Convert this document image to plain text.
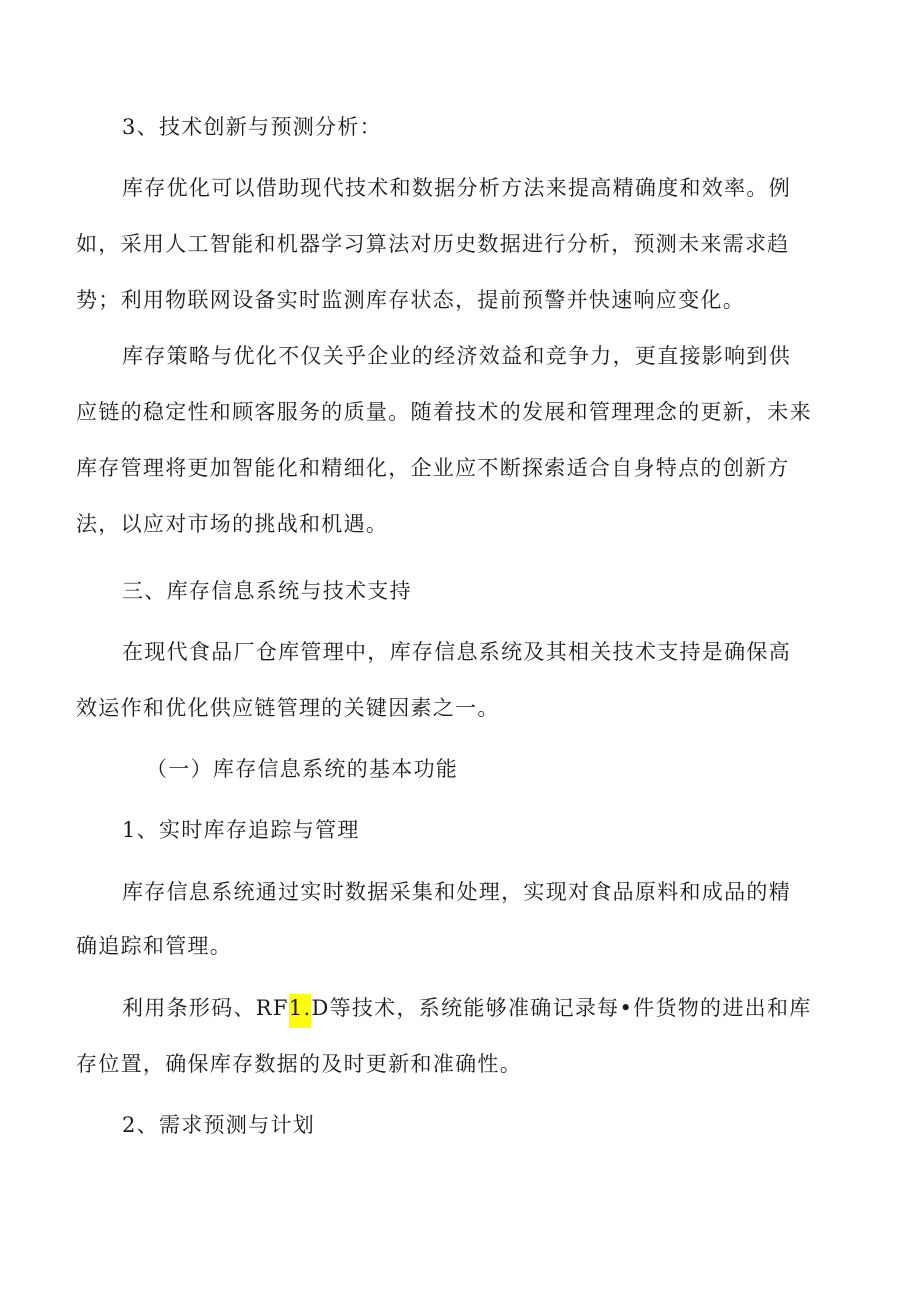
3、技术创新与预测分析：

库存优化可以借助现代技术和数据分析方法来提高精确度和效率。例

如，采用人工智能和机器学习算法对历史数据进行分析，预测未来需求趋

势；利用物联网设备实时监测库存状态，提前预警并快速响应变化。

库存策略与优化不仅关乎企业的经济效益和竞争力，更直接影响到供

应链的稳定性和顾客服务的质量。随着技术的发展和管理理念的更新，未来

库存管理将更加智能化和精细化，企业应不断探索适合自身特点的创新方

法，以应对市场的挑战和机遇。

三、库存信息系统与技术支持

在现代食品厂仓库管理中，库存信息系统及其相关技术支持是确保高

效运作和优化供应链管理的关键因素之一。

（一）库存信息系统的基本功能

1、实时库存追踪与管理

库存信息系统通过实时数据采集和处理，实现对食品原料和成品的精

确追踪和管理。

利用条形码、RF1.D等技术，系统能够准确记录每•件货物的进出和库

存位置，确保库存数据的及时更新和准确性。

2、需求预测与计划
